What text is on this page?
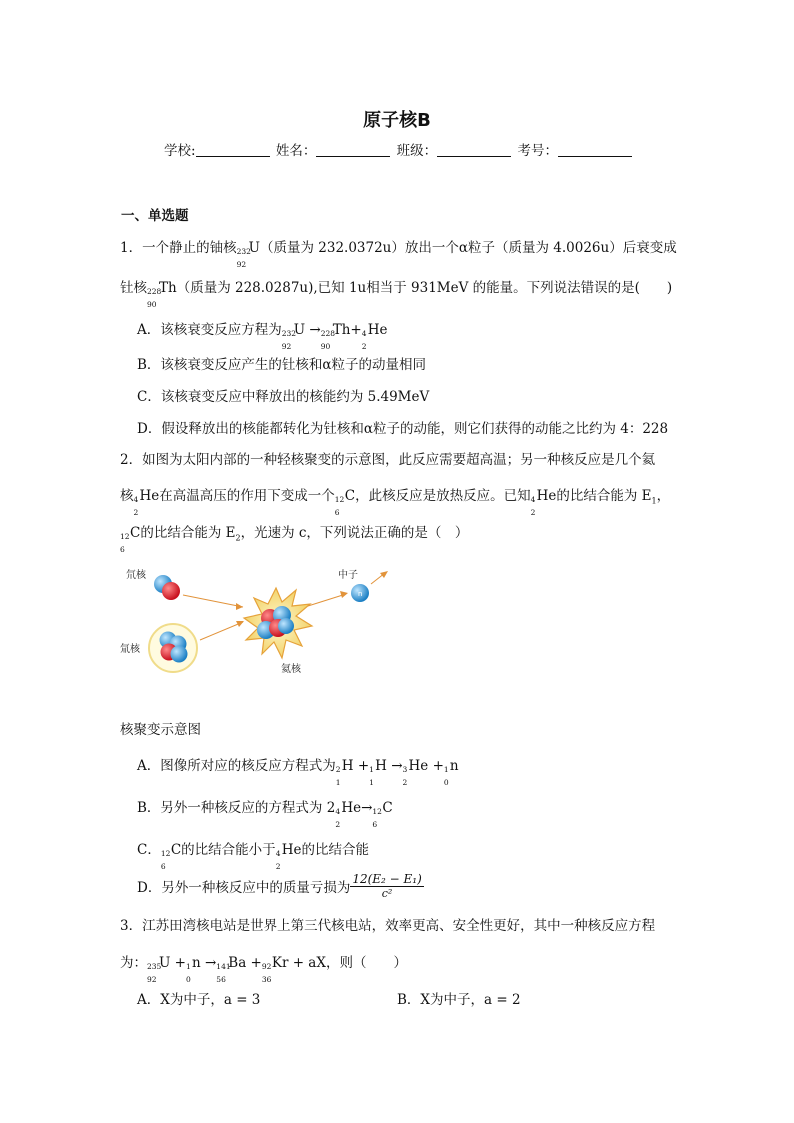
原子核B
学校:	姓名：	班级：	考号：
一、单选题
1．一个静止的铀核 232
92
U（质量为 232.0372u）放出一个α粒子（质量为 4.0026u）后衰变成
钍核 228
90
Th（质量为 228.0287u),已知 1u相当于 931MeV 的能量。下列说法错误的是(　　)
A．该核衰变反应方程为 232
92
U → 228
90
Th+ 4
2
He
B．该核衰变反应产生的钍核和α粒子的动量相同
C．该核衰变反应中释放出的核能约为 5.49MeV
D．假设释放出的核能都转化为钍核和α粒子的动能，则它们获得的动能之比约为 4：228
2．如图为太阳内部的一种轻核聚变的示意图，此反应需要超高温；另一种核反应是几个氦
核 4
2
He在高温高压的作用下变成一个 12
6
C，此核反应是放热反应。已知 4
2
He的比结合能为 $E_1$，
12
6
C的比结合能为 $E_2$，光速为 c，下列说法正确的是（　）
氘核
氚核
氦核
中子
n
核聚变示意图
A．图像所对应的核反应方程式为 2
1
H + 1
1
H → 3
2
He + 1
0
n
B．另外一种核反应的方程式为 2 4
2
He→ 12
6
C
C． 12
6
C的比结合能小于 4
2
He的比结合能
D．另外一种核反应中的质量亏损为 $\frac{\text{12(E₂ − E₁)}}{\text{c²}}$
3．江苏田湾核电站是世界上第三代核电站，效率更高、安全性更好，其中一种核反应方程
为： 235
92
U + 1
0
n → 141
56
Ba + 92
36
Kr + aX，则（　　）
A．X为中子，a = 3	B．X为中子，a = 2
